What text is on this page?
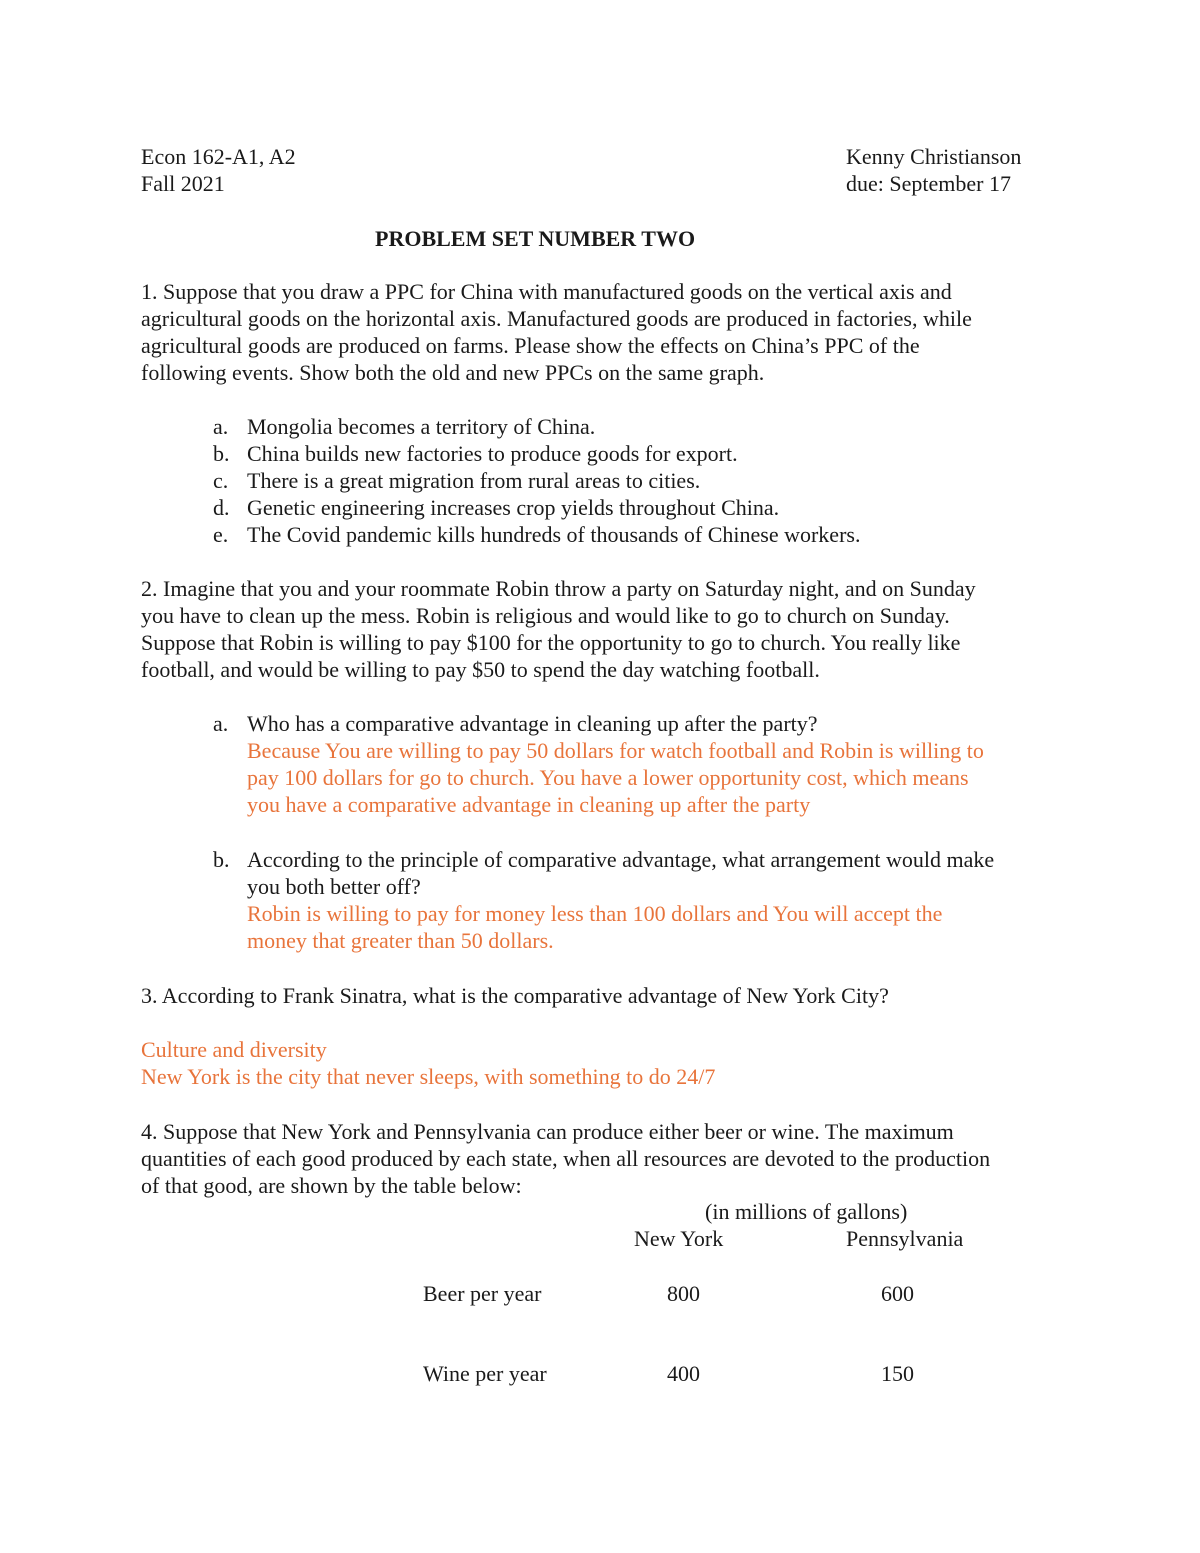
Econ 162-A1, A2
Fall 2021
Kenny Christianson
due: September 17
PROBLEM SET NUMBER TWO
1. Suppose that you draw a PPC for China with manufactured goods on the vertical axis and
agricultural goods on the horizontal axis. Manufactured goods are produced in factories, while
agricultural goods are produced on farms. Please show the effects on China’s PPC of the
following events. Show both the old and new PPCs on the same graph.
a. Mongolia becomes a territory of China.
b. China builds new factories to produce goods for export.
c. There is a great migration from rural areas to cities.
d. Genetic engineering increases crop yields throughout China.
e. The Covid pandemic kills hundreds of thousands of Chinese workers.
2. Imagine that you and your roommate Robin throw a party on Saturday night, and on Sunday
you have to clean up the mess. Robin is religious and would like to go to church on Sunday.
Suppose that Robin is willing to pay $100 for the opportunity to go to church. You really like
football, and would be willing to pay $50 to spend the day watching football.
a. Who has a comparative advantage in cleaning up after the party?
Because You are willing to pay 50 dollars for watch football and Robin is willing to
pay 100 dollars for go to church. You have a lower opportunity cost, which means
you have a comparative advantage in cleaning up after the party
b. According to the principle of comparative advantage, what arrangement would make
you both better off?
Robin is willing to pay for money less than 100 dollars and You will accept the
money that greater than 50 dollars.
3. According to Frank Sinatra, what is the comparative advantage of New York City?
Culture and diversity
New York is the city that never sleeps, with something to do 24/7
4. Suppose that New York and Pennsylvania can produce either beer or wine. The maximum
quantities of each good produced by each state, when all resources are devoted to the production
of that good, are shown by the table below:
(in millions of gallons)
New York	Pennsylvania
Beer per year	800	600
Wine per year	400	150
